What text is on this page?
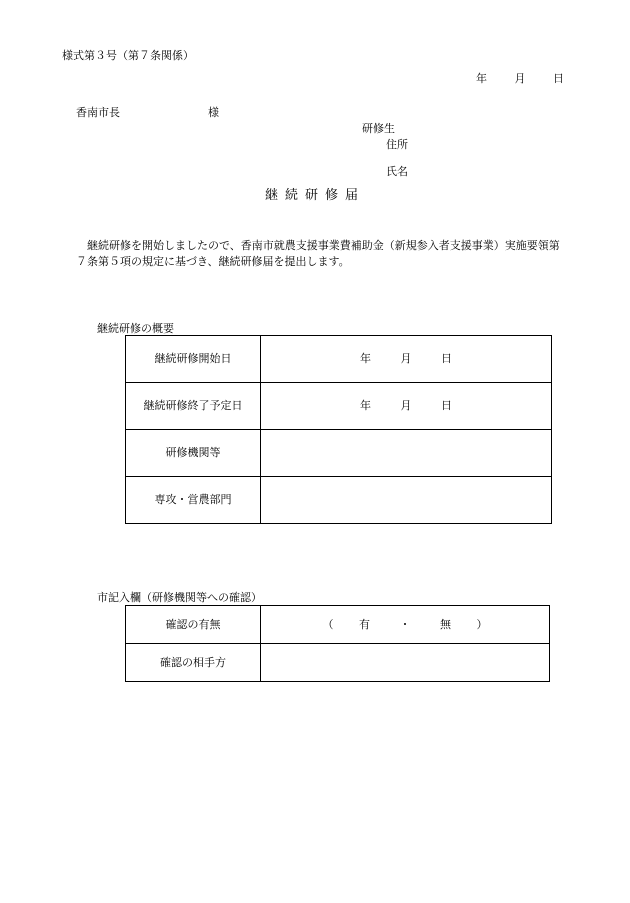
様式第３号（第７条関係）
年	月	日
香南市長	様
研修生
住所
氏名
継続研修届
継続研修を開始しましたので、香南市就農支援事業費補助金（新規参入者支援事業）実施要領第
７条第５項の規定に基づき、継続研修届を提出します。
継続研修の概要
継続研修開始日	年 月 日
継続研修終了予定日	年 月 日
研修機関等	
専攻・営農部門	
市記入欄（研修機関等への確認）
確認の有無	（ 有 ・ 無 ）
確認の相手方	
